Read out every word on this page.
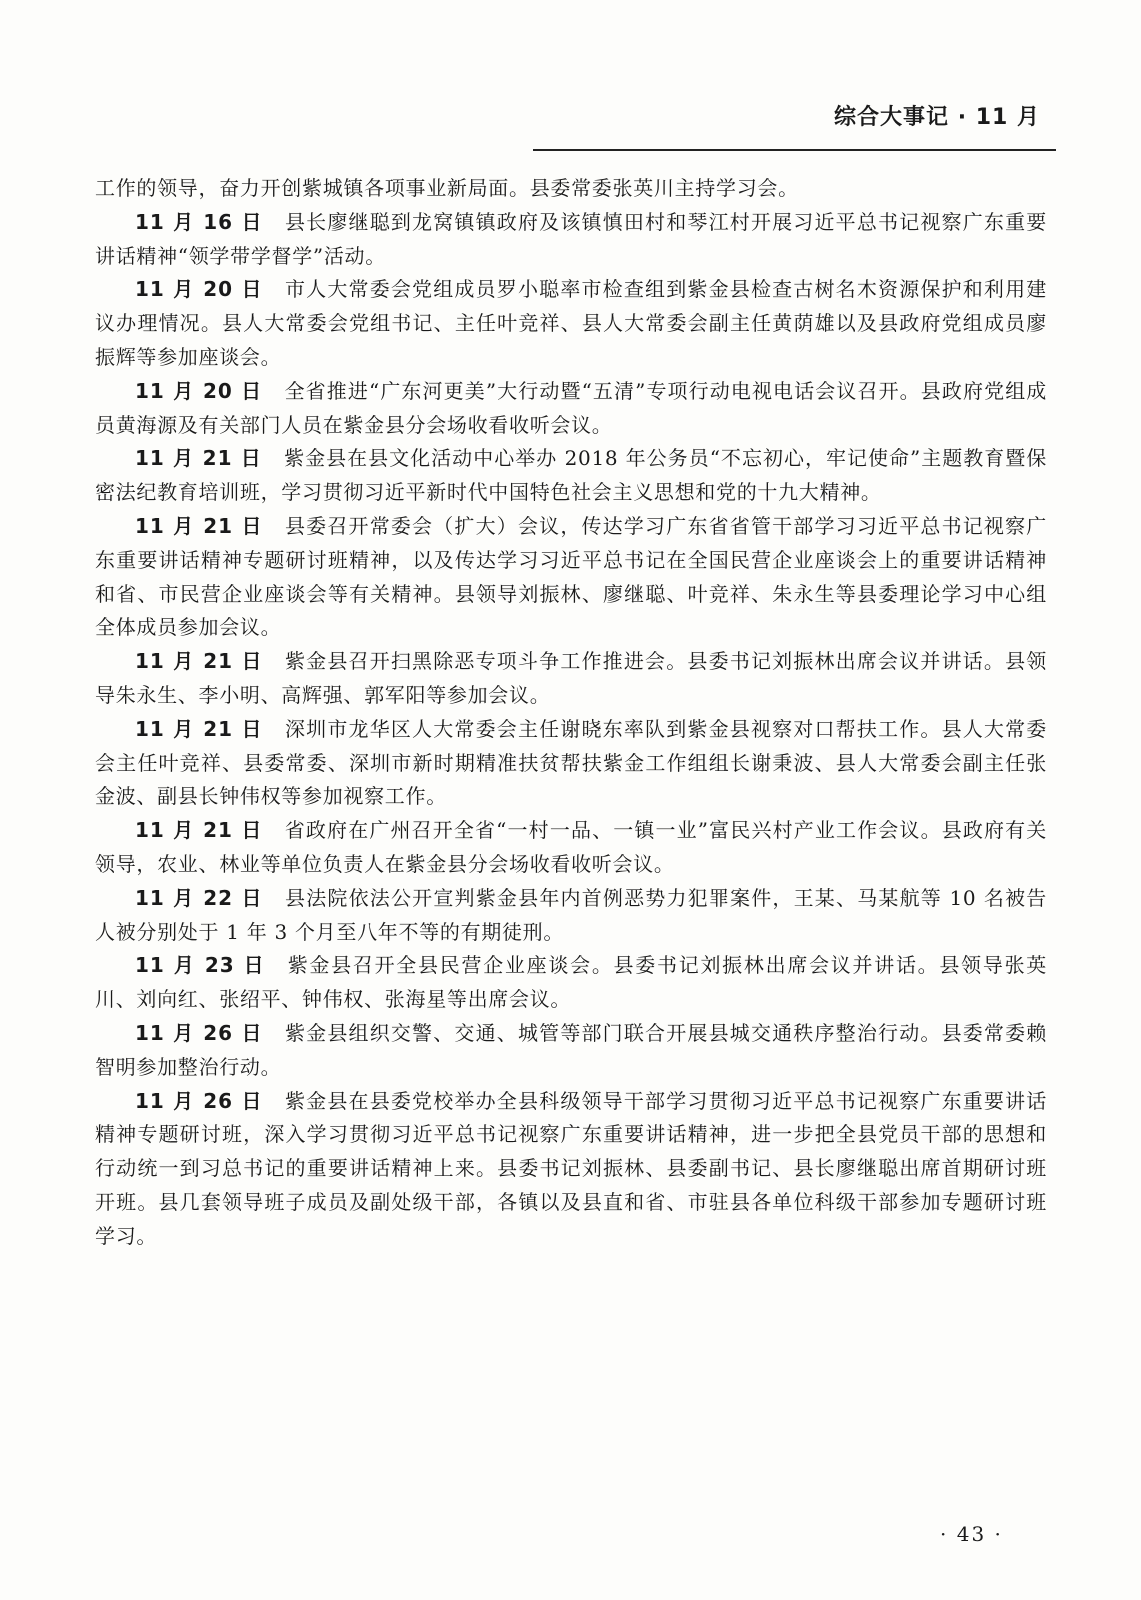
综合大事记 · 11 月

工作的领导，奋力开创紫城镇各项事业新局面。县委常委张英川主持学习会。

11 月 16 日 县长廖继聪到龙窝镇镇政府及该镇慎田村和琴江村开展习近平总书记视察广东重要讲话精神“领学带学督学”活动。

11 月 20 日 市人大常委会党组成员罗小聪率市检查组到紫金县检查古树名木资源保护和利用建议办理情况。县人大常委会党组书记、主任叶竞祥、县人大常委会副主任黄荫雄以及县政府党组成员廖振辉等参加座谈会。

11 月 20 日 全省推进“广东河更美”大行动暨“五清”专项行动电视电话会议召开。县政府党组成员黄海源及有关部门人员在紫金县分会场收看收听会议。

11 月 21 日 紫金县在县文化活动中心举办 2018 年公务员“不忘初心，牢记使命”主题教育暨保密法纪教育培训班，学习贯彻习近平新时代中国特色社会主义思想和党的十九大精神。

11 月 21 日 县委召开常委会（扩大）会议，传达学习广东省省管干部学习习近平总书记视察广东重要讲话精神专题研讨班精神，以及传达学习习近平总书记在全国民营企业座谈会上的重要讲话精神和省、市民营企业座谈会等有关精神。县领导刘振林、廖继聪、叶竞祥、朱永生等县委理论学习中心组全体成员参加会议。

11 月 21 日 紫金县召开扫黑除恶专项斗争工作推进会。县委书记刘振林出席会议并讲话。县领导朱永生、李小明、高辉强、郭军阳等参加会议。

11 月 21 日 深圳市龙华区人大常委会主任谢晓东率队到紫金县视察对口帮扶工作。县人大常委会主任叶竞祥、县委常委、深圳市新时期精准扶贫帮扶紫金工作组组长谢秉波、县人大常委会副主任张金波、副县长钟伟权等参加视察工作。

11 月 21 日 省政府在广州召开全省“一村一品、一镇一业”富民兴村产业工作会议。县政府有关领导，农业、林业等单位负责人在紫金县分会场收看收听会议。

11 月 22 日 县法院依法公开宣判紫金县年内首例恶势力犯罪案件，王某、马某航等 10 名被告人被分别处于 1 年 3 个月至八年不等的有期徒刑。

11 月 23 日 紫金县召开全县民营企业座谈会。县委书记刘振林出席会议并讲话。县领导张英川、刘向红、张绍平、钟伟权、张海星等出席会议。

11 月 26 日 紫金县组织交警、交通、城管等部门联合开展县城交通秩序整治行动。县委常委赖智明参加整治行动。

11 月 26 日 紫金县在县委党校举办全县科级领导干部学习贯彻习近平总书记视察广东重要讲话精神专题研讨班，深入学习贯彻习近平总书记视察广东重要讲话精神，进一步把全县党员干部的思想和行动统一到习总书记的重要讲话精神上来。县委书记刘振林、县委副书记、县长廖继聪出席首期研讨班开班。县几套领导班子成员及副处级干部，各镇以及县直和省、市驻县各单位科级干部参加专题研讨班学习。

· 43 ·
